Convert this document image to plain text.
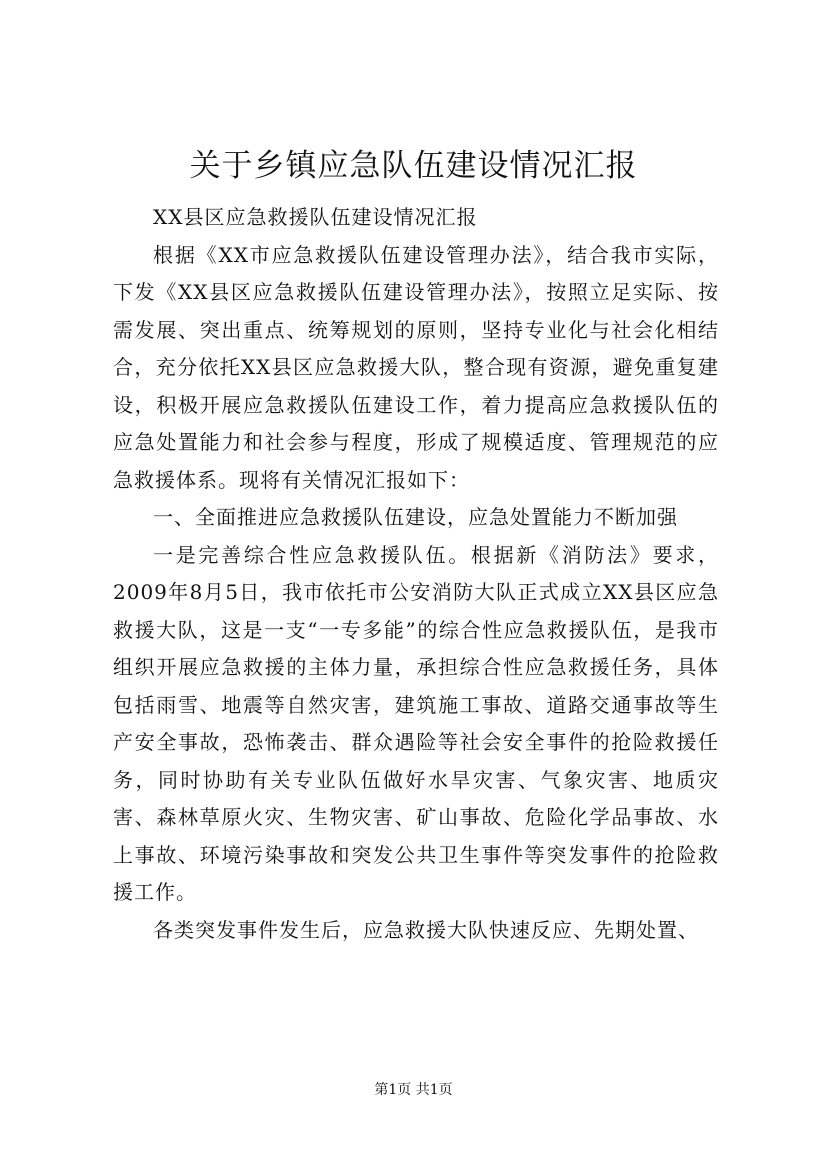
关于乡镇应急队伍建设情况汇报

XX县区应急救援队伍建设情况汇报

根据《XX市应急救援队伍建设管理办法》，结合我市实际，下发《XX县区应急救援队伍建设管理办法》，按照立足实际、按需发展、突出重点、统筹规划的原则，坚持专业化与社会化相结合，充分依托XX县区应急救援大队，整合现有资源，避免重复建设，积极开展应急救援队伍建设工作，着力提高应急救援队伍的应急处置能力和社会参与程度，形成了规模适度、管理规范的应急救援体系。现将有关情况汇报如下：

一、全面推进应急救援队伍建设，应急处置能力不断加强

一是完善综合性应急救援队伍。根据新《消防法》要求，2009年8月5日，我市依托市公安消防大队正式成立XX县区应急救援大队，这是一支“一专多能”的综合性应急救援队伍，是我市组织开展应急救援的主体力量，承担综合性应急救援任务，具体包括雨雪、地震等自然灾害，建筑施工事故、道路交通事故等生产安全事故，恐怖袭击、群众遇险等社会安全事件的抢险救援任务，同时协助有关专业队伍做好水旱灾害、气象灾害、地质灾害、森林草原火灾、生物灾害、矿山事故、危险化学品事故、水上事故、环境污染事故和突发公共卫生事件等突发事件的抢险救援工作。

各类突发事件发生后，应急救援大队快速反应、先期处置、

第1页 共1页
